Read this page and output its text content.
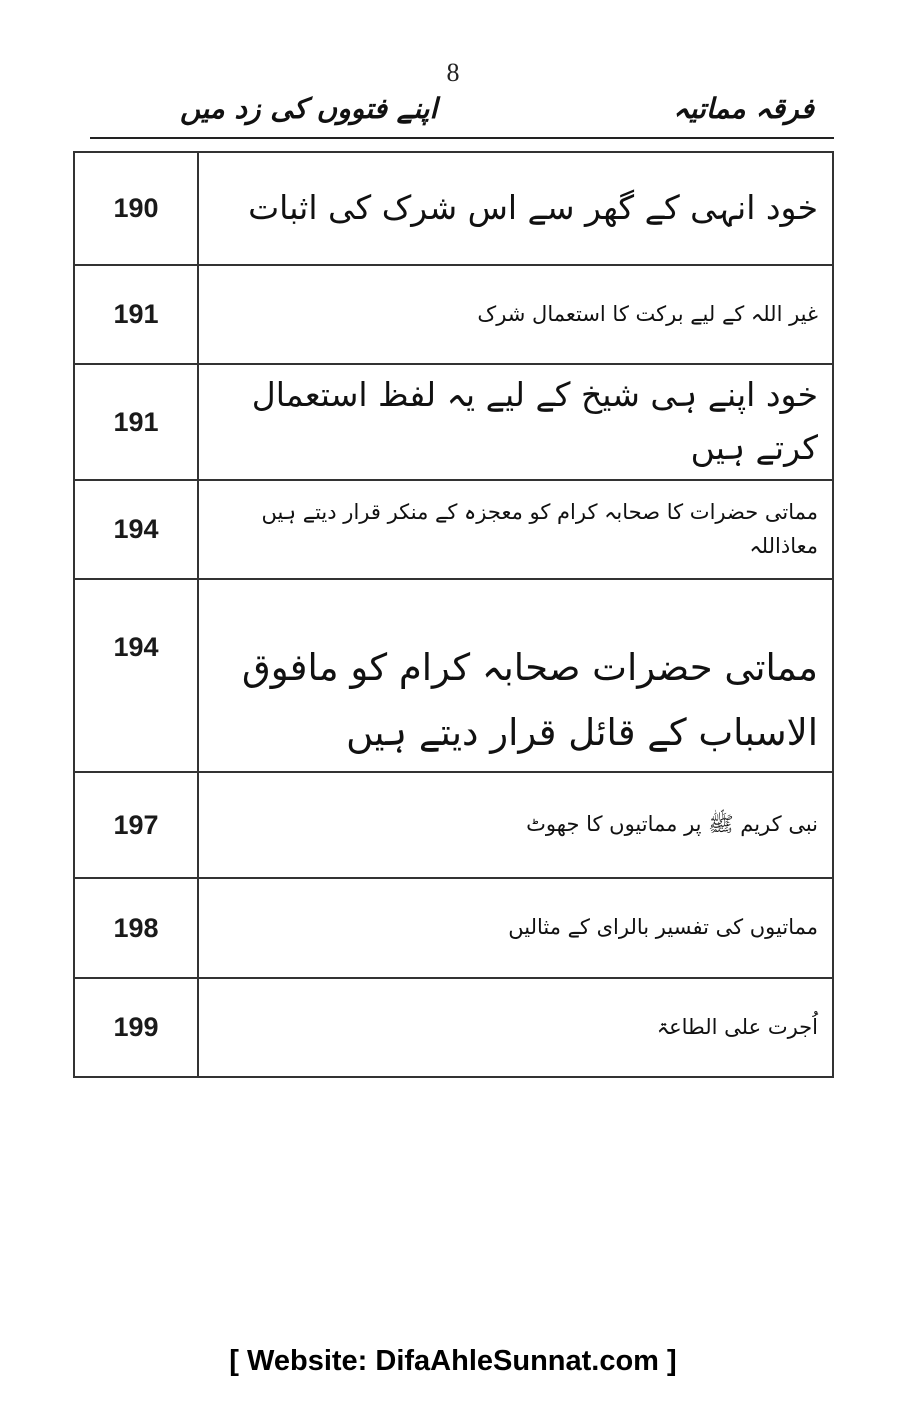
8
فرقہ مماتیہ
اپنے فتووں کی زد میں
190	خود انہی کے گھر سے اس شرک کی اثبات

191	غیر اللہ کے لیے برکت کا استعمال شرک

191	خود اپنے ہی شیخ کے لیے یہ لفظ استعمال کرتے ہیں

194	مماتی حضرات کا صحابہ کرام کو معجزہ کے منکر قرار دیتے ہیں معاذاللہ

194	مماتی حضرات صحابہ کرام کو مافوق الاسباب کے قائل قرار دیتے ہیں

197	نبی کریم ﷺ پر مماتیوں کا جھوٹ

198	مماتیوں کی تفسیر بالرای کے مثالیں

199	اُجرت علی الطاعۃ
[ Website: DifaAhleSunnat.com ]
